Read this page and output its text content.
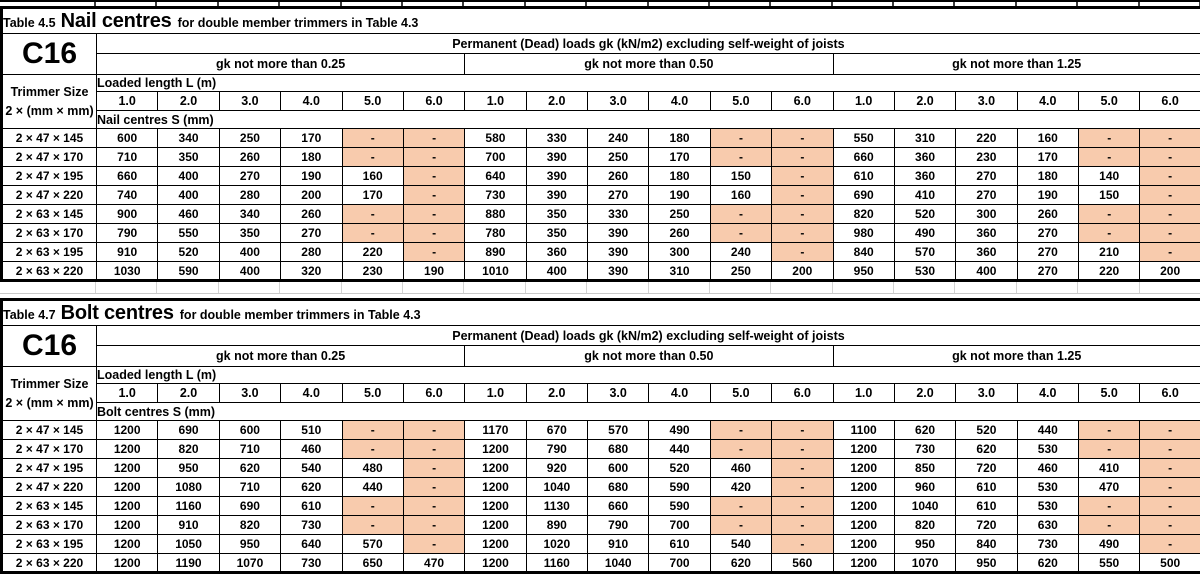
Table 4.5 Nail centres for double member trimmers in Table 4.3																		
C16	Permanent (Dead) loads gk (kN/m2) excluding self-weight of joists																	
	gk not more than 0.25						gk not more than 0.50						gk not more than 1.25					

Trimmer Size
2 × (mm × mm)	Loaded length L (m)																	
	1.0	2.0	3.0	4.0	5.0	6.0	1.0	2.0	3.0	4.0	5.0	6.0	1.0	2.0	3.0	4.0	5.0	6.0
	Nail centres S (mm)																	
2 × 47 × 145	600	340	250	170	-	-	580	330	240	180	-	-	550	310	220	160	-	-
2 × 47 × 170	710	350	260	180	-	-	700	390	250	170	-	-	660	360	230	170	-	-
2 × 47 × 195	660	400	270	190	160	-	640	390	260	180	150	-	610	360	270	180	140	-
2 × 47 × 220	740	400	280	200	170	-	730	390	270	190	160	-	690	410	270	190	150	-
2 × 63 × 145	900	460	340	260	-	-	880	350	330	250	-	-	820	520	300	260	-	-
2 × 63 × 170	790	550	350	270	-	-	780	350	390	260	-	-	980	490	360	270	-	-
2 × 63 × 195	910	520	400	280	220	-	890	360	390	300	240	-	840	570	360	270	210	-
2 × 63 × 220	1030	590	400	320	230	190	1010	400	390	310	250	200	950	530	400	270	220	200
Table 4.7 Bolt centres for double member trimmers in Table 4.3																		
C16	Permanent (Dead) loads gk (kN/m2) excluding self-weight of joists																	
	gk not more than 0.25						gk not more than 0.50						gk not more than 1.25					

Trimmer Size
2 × (mm × mm)	Loaded length L (m)																	
	1.0	2.0	3.0	4.0	5.0	6.0	1.0	2.0	3.0	4.0	5.0	6.0	1.0	2.0	3.0	4.0	5.0	6.0
	Bolt centres S (mm)																	
2 × 47 × 145	1200	690	600	510	-	-	1170	670	570	490	-	-	1100	620	520	440	-	-
2 × 47 × 170	1200	820	710	460	-	-	1200	790	680	440	-	-	1200	730	620	530	-	-
2 × 47 × 195	1200	950	620	540	480	-	1200	920	600	520	460	-	1200	850	720	460	410	-
2 × 47 × 220	1200	1080	710	620	440	-	1200	1040	680	590	420	-	1200	960	610	530	470	-
2 × 63 × 145	1200	1160	690	610	-	-	1200	1130	660	590	-	-	1200	1040	610	530	-	-
2 × 63 × 170	1200	910	820	730	-	-	1200	890	790	700	-	-	1200	820	720	630	-	-
2 × 63 × 195	1200	1050	950	640	570	-	1200	1020	910	610	540	-	1200	950	840	730	490	-
2 × 63 × 220	1200	1190	1070	730	650	470	1200	1160	1040	700	620	560	1200	1070	950	620	550	500
